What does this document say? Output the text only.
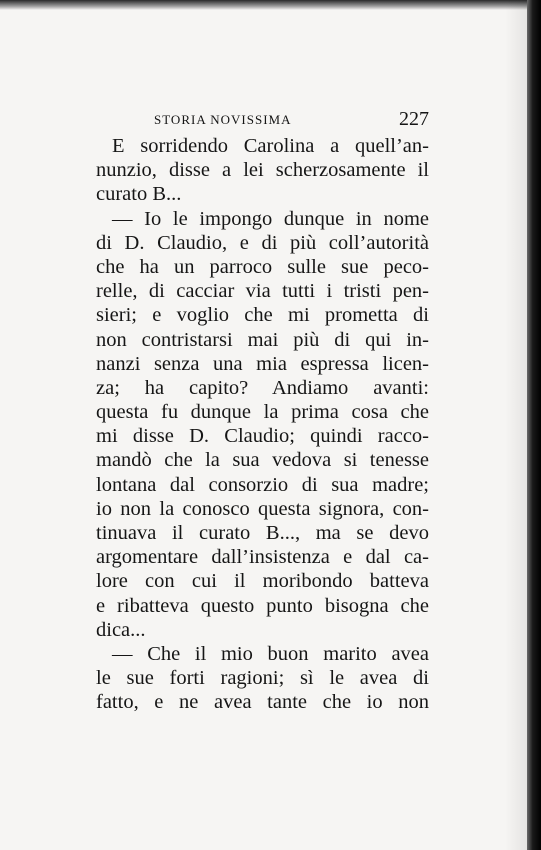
STORIA NOVISSIMA	227
E sorridendo Carolina a quell’an-
nunzio, disse a lei scherzosamente il
curato B...
— Io le impongo dunque in nome
di D. Claudio, e di più coll’autorità
che ha un parroco sulle sue peco-
relle, di cacciar via tutti i tristi pen-
sieri; e voglio che mi prometta di
non contristarsi mai più di qui in-
nanzi senza una mia espressa licen-
za; ha capito? Andiamo avanti:
questa fu dunque la prima cosa che
mi disse D. Claudio; quindi racco-
mandò che la sua vedova si tenesse
lontana dal consorzio di sua madre;
io non la conosco questa signora, con-
tinuava il curato B..., ma se devo
argomentare dall’insistenza e dal ca-
lore con cui il moribondo batteva
e ribatteva questo punto bisogna che
dica...
— Che il mio buon marito avea
le sue forti ragioni; sì le avea di
fatto, e ne avea tante che io non
